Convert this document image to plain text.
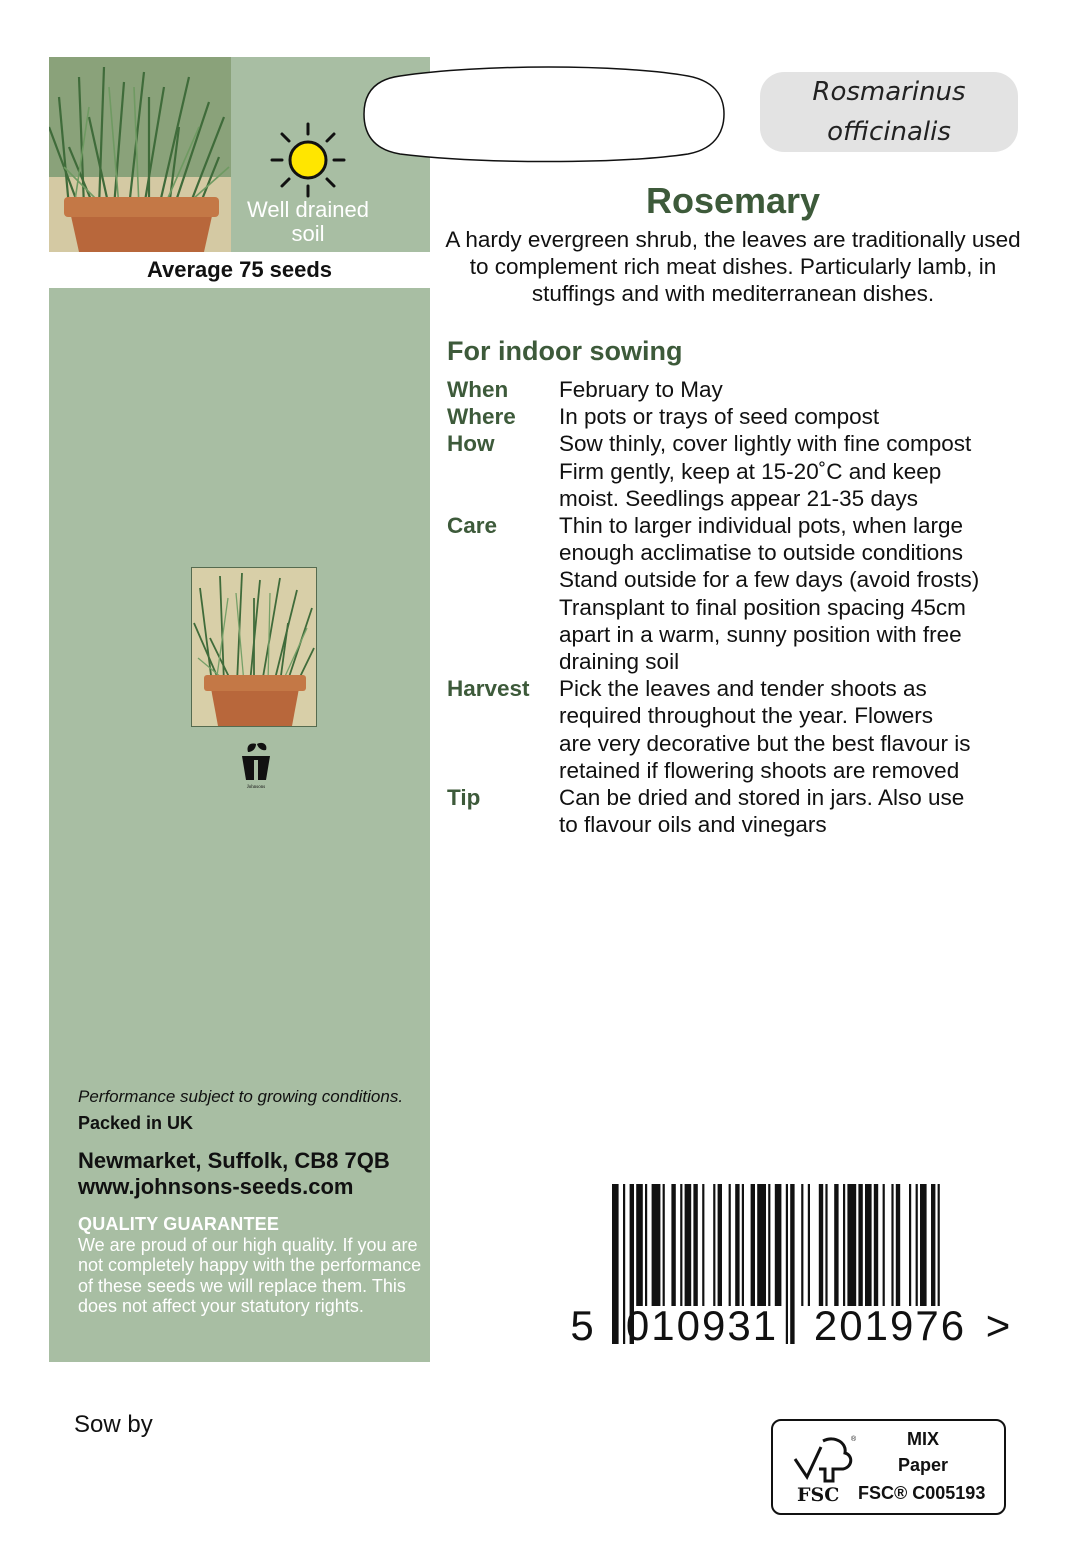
Average 75 seeds
Well drained
soil
Johnsons
Performance subject to growing conditions.
Packed in UK
Newmarket, Suffolk, CB8 7QB
www.johnsons-seeds.com
QUALITY GUARANTEE
We are proud of our high quality. If you are not completely happy with the performance of these seeds we will replace them. This does not affect your statutory rights.
Rosmarinus
officinalis
Rosemary
A hardy evergreen shrub, the leaves are traditionally used to complement rich meat dishes. Particularly lamb, in stuffings and with mediterranean dishes.
For indoor sowing
When	February to May
Where	In pots or trays of seed compost
How	Sow thinly, cover lightly with fine compost
Firm gently, keep at 15-20˚C and keep
moist. Seedlings appear 21-35 days
Care	Thin to larger individual pots, when large
enough acclimatise to outside conditions
Stand outside for a few days (avoid frosts)
Transplant to final position spacing 45cm
apart in a warm, sunny position with free
draining soil
Harvest	Pick the leaves and tender shoots as
required throughout the year. Flowers
are very decorative but the best flavour is
retained if flowering shoots are removed
Tip	Can be dried and stored in jars. Also use
to flavour oils and vinegars
5 010931 201976 >
Sow by
®
FSC
MIX
Paper
FSC® C005193
